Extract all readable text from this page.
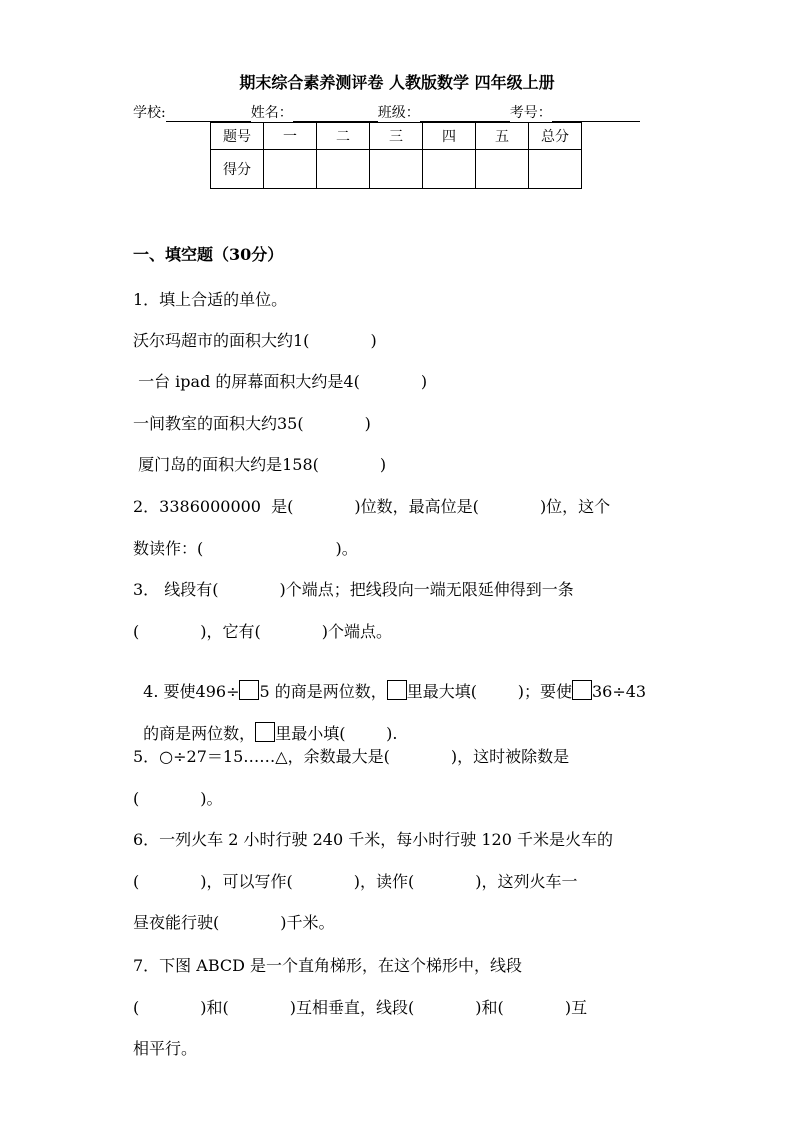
期末综合素养测评卷 人教版数学 四年级上册
学校:	姓名：	班级：	考号：
题号	一	二	三	四	五	总分
得分						
一、填空题（30分）
1．填上合适的单位。
沃尔玛超市的面积大约1(            )
一台 ipad 的屏幕面积大约是4(            )
一间教室的面积大约35(            )
厦门岛的面积大约是158(            )
2．3386000000  是(            )位数，最高位是(            )位，这个
数读作：(                          )。
3． 线段有(            )个端点；把线段向一端无限延伸得到一条
(            )，它有(            )个端点。

4. 要使496÷ 5 的商是两位数， 里最大填(        )；要使 36÷43

的商是两位数， 里最小填(        ).

5．○÷27＝15……△，余数最大是(            )，这时被除数是
(            )。
6．一列火车 2 小时行驶 240 千米，每小时行驶 120 千米是火车的
(            )，可以写作(            )，读作(            )，这列火车一
昼夜能行驶(            )千米。
7．下图 ABCD 是一个直角梯形，在这个梯形中，线段
(            )和(            )互相垂直，线段(            )和(            )互
相平行。
